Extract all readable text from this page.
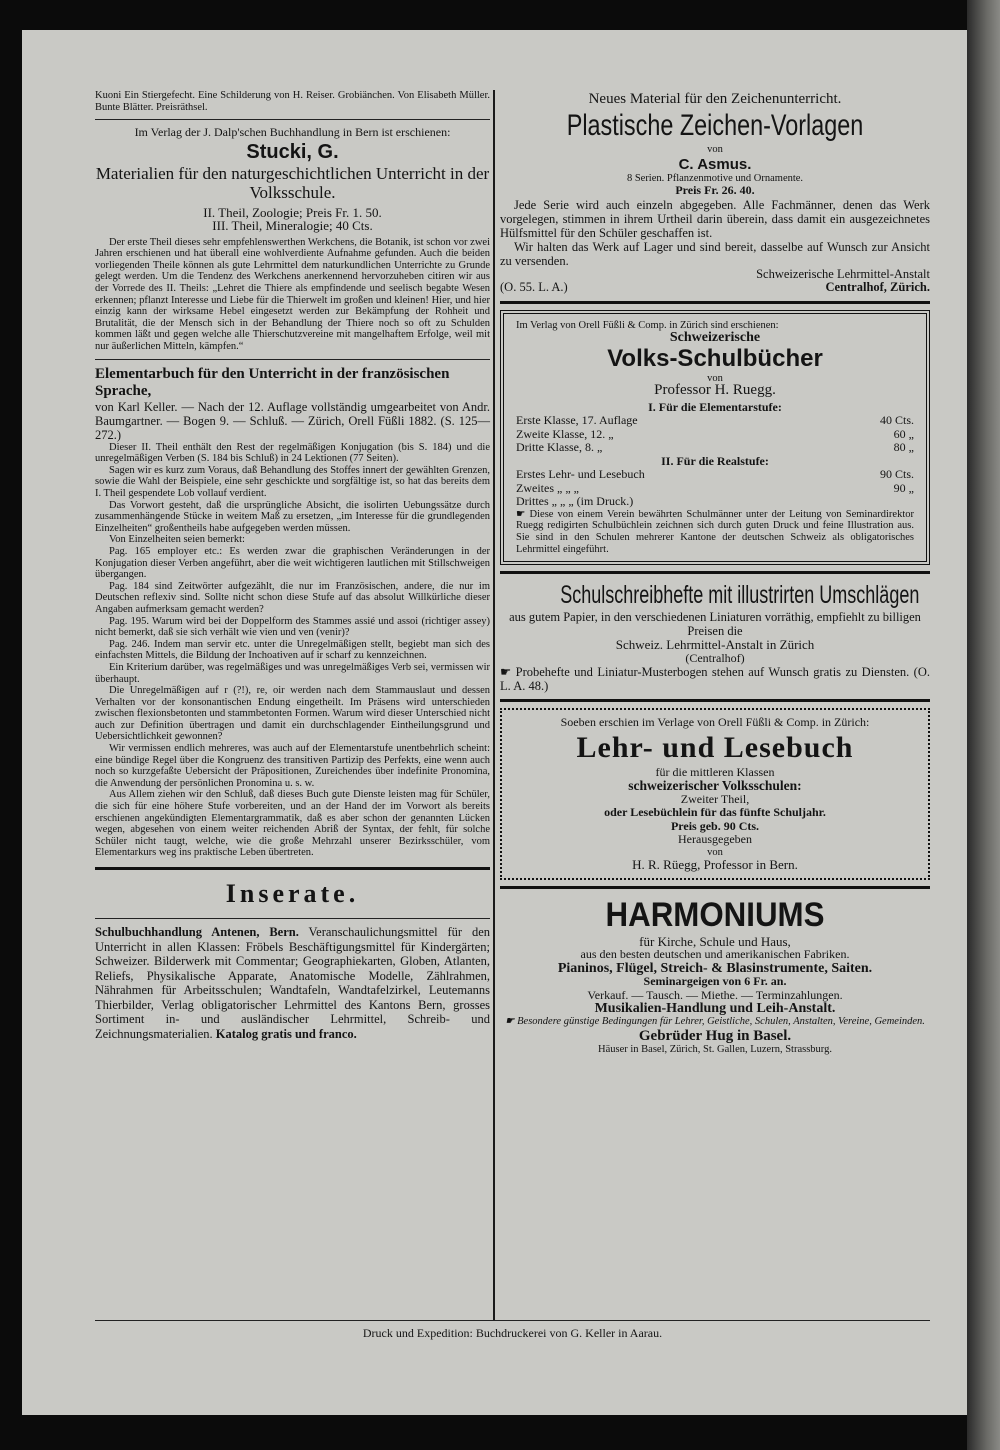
Kuoni Ein Stiergefecht. Eine Schilderung von H. Reiser. Grobiänchen. Von Elisabeth Müller. Bunte Blätter. Preisräthsel.

Im Verlag der J. Dalp'schen Buchhandlung in Bern ist erschienen:

Stucki, G.

Materialien für den naturgeschichtlichen Unterricht in der Volksschule.

II. Theil, Zoologie; Preis Fr. 1. 50.

III. Theil, Mineralogie; 40 Cts.

Der erste Theil dieses sehr empfehlenswerthen Werkchens, die Botanik, ist schon vor zwei Jahren erschienen und hat überall eine wohlverdiente Aufnahme gefunden. Auch die beiden vorliegenden Theile können als gute Lehrmittel dem naturkundlichen Unterrichte zu Grunde gelegt werden. Um die Tendenz des Werkchens anerkennend hervorzuheben citiren wir aus der Vorrede des II. Theils: „Lehret die Thiere als empfindende und seelisch begabte Wesen erkennen; pflanzt Interesse und Liebe für die Thierwelt im großen und kleinen! Hier, und hier einzig kann der wirksame Hebel eingesetzt werden zur Bekämpfung der Rohheit und Brutalität, die der Mensch sich in der Behandlung der Thiere noch so oft zu Schulden kommen läßt und gegen welche alle Thierschutzvereine mit mangelhaftem Erfolge, weil mit nur äußerlichen Mitteln, kämpfen.“

Elementarbuch für den Unterricht in der französischen Sprache,

von Karl Keller. — Nach der 12. Auflage vollständig umgearbeitet von Andr. Baumgartner. — Bogen 9. — Schluß. — Zürich, Orell Füßli 1882. (S. 125—272.)

Dieser II. Theil enthält den Rest der regelmäßigen Konjugation (bis S. 184) und die unregelmäßigen Verben (S. 184 bis Schluß) in 24 Lektionen (77 Seiten).

Sagen wir es kurz zum Voraus, daß Behandlung des Stoffes innert der gewählten Grenzen, sowie die Wahl der Beispiele, eine sehr geschickte und sorgfältige ist, so hat das bereits dem I. Theil gespendete Lob vollauf verdient.

Das Vorwort gesteht, daß die ursprüngliche Absicht, die isolirten Uebungssätze durch zusammenhängende Stücke in weitem Maß zu ersetzen, „im Interesse für die grundlegenden Einzelheiten“ großentheils habe aufgegeben werden müssen.

Von Einzelheiten seien bemerkt:

Pag. 165 employer etc.: Es werden zwar die graphischen Veränderungen in der Konjugation dieser Verben angeführt, aber die weit wichtigeren lautlichen mit Stillschweigen übergangen.

Pag. 184 sind Zeitwörter aufgezählt, die nur im Französischen, andere, die nur im Deutschen reflexiv sind. Sollte nicht schon diese Stufe auf das absolut Willkürliche dieser Angaben aufmerksam gemacht werden?

Pag. 195. Warum wird bei der Doppelform des Stammes assié und assoi (richtiger assey) nicht bemerkt, daß sie sich verhält wie vien und ven (venir)?

Pag. 246. Indem man servir etc. unter die Unregelmäßigen stellt, begiebt man sich des einfachsten Mittels, die Bildung der Inchoativen auf ir scharf zu kennzeichnen.

Ein Kriterium darüber, was regelmäßiges und was unregelmäßiges Verb sei, vermissen wir überhaupt.

Die Unregelmäßigen auf r (?!), re, oir werden nach dem Stammauslaut und dessen Verhalten vor der konsonantischen Endung eingetheilt. Im Präsens wird unterschieden zwischen flexionsbetonten und stammbetonten Formen. Warum wird dieser Unterschied nicht auch zur Definition übertragen und damit ein durchschlagender Eintheilungsgrund und Uebersichtlichkeit gewonnen?

Wir vermissen endlich mehreres, was auch auf der Elementarstufe unentbehrlich scheint: eine bündige Regel über die Kongruenz des transitiven Partizip des Perfekts, eine wenn auch noch so kurzgefaßte Uebersicht der Präpositionen, Zureichendes über indefinite Pronomina, die Anwendung der persönlichen Pronomina u. s. w.

Aus Allem ziehen wir den Schluß, daß dieses Buch gute Dienste leisten mag für Schüler, die sich für eine höhere Stufe vorbereiten, und an der Hand der im Vorwort als bereits erschienen angekündigten Elementargrammatik, daß es aber schon der genannten Lücken wegen, abgesehen von einem weiter reichenden Abriß der Syntax, der fehlt, für solche Schüler nicht taugt, welche, wie die große Mehrzahl unserer Bezirksschüler, vom Elementarkurs weg ins praktische Leben übertreten.

Inserate.

Schulbuchhandlung Antenen, Bern. Veranschaulichungsmittel für den Unterricht in allen Klassen: Fröbels Beschäftigungsmittel für Kindergärten; Schweizer. Bilderwerk mit Commentar; Geographiekarten, Globen, Atlanten, Reliefs, Physikalische Apparate, Anatomische Modelle, Zählrahmen, Nährahmen für Arbeitsschulen; Wandtafeln, Wandtafelzirkel, Leutemanns Thierbilder, Verlag obligatorischer Lehrmittel des Kantons Bern, grosses Sortiment in- und ausländischer Lehrmittel, Schreib- und Zeichnungsmaterialien. Katalog gratis und franco.

Neues Material für den Zeichenunterricht.

Plastische Zeichen-Vorlagen

von

C. Asmus.

8 Serien. Pflanzenmotive und Ornamente.

Preis Fr. 26. 40.

Jede Serie wird auch einzeln abgegeben. Alle Fachmänner, denen das Werk vorgelegen, stimmen in ihrem Urtheil darin überein, dass damit ein ausgezeichnetes Hülfsmittel für den Schüler geschaffen ist.

Wir halten das Werk auf Lager und sind bereit, dasselbe auf Wunsch zur Ansicht zu versenden.

Schweizerische Lehrmittel-Anstalt

(O. 55. L. A.)	Centralhof, Zürich.

Im Verlag von Orell Füßli & Comp. in Zürich sind erschienen:

Schweizerische

Volks-Schulbücher

von

Professor H. Ruegg.

I. Für die Elementarstufe:

Erste Klasse, 17. Auflage	40 Cts.
Zweite Klasse, 12. „	60 „
Dritte Klasse, 8. „	80 „

II. Für die Realstufe:

Erstes Lehr- und Lesebuch	90 Cts.
Zweites „ „ „	90 „
Drittes „ „ „ (im Druck.)

☛ Diese von einem Verein bewährten Schulmänner unter der Leitung von Seminardirektor Ruegg redigirten Schulbüchlein zeichnen sich durch guten Druck und feine Illustration aus. Sie sind in den Schulen mehrerer Kantone der deutschen Schweiz als obligatorisches Lehrmittel eingeführt.

Schulschreibhefte mit illustrirten Umschlägen

aus gutem Papier, in den verschiedenen Liniaturen vorräthig, empfiehlt zu billigen Preisen die

Schweiz. Lehrmittel-Anstalt in Zürich

(Centralhof)

☛ Probehefte und Liniatur-Musterbogen stehen auf Wunsch gratis zu Diensten. (O. L. A. 48.)

Soeben erschien im Verlage von Orell Füßli & Comp. in Zürich:

Lehr- und Lesebuch

für die mittleren Klassen

schweizerischer Volksschulen:

Zweiter Theil,

oder Lesebüchlein für das fünfte Schuljahr.

Preis geb. 90 Cts.

Herausgegeben

von

H. R. Rüegg, Professor in Bern.

HARMONIUMS

für Kirche, Schule und Haus,

aus den besten deutschen und amerikanischen Fabriken.

Pianinos, Flügel, Streich- & Blasinstrumente, Saiten.

Seminargeigen von 6 Fr. an.

Verkauf. — Tausch. — Miethe. — Terminzahlungen.

Musikalien-Handlung und Leih-Anstalt.

☛ Besondere günstige Bedingungen für Lehrer, Geistliche, Schulen, Anstalten, Vereine, Gemeinden.

Gebrüder Hug in Basel.

Häuser in Basel, Zürich, St. Gallen, Luzern, Strassburg.

Druck und Expedition: Buchdruckerei von G. Keller in Aarau.
